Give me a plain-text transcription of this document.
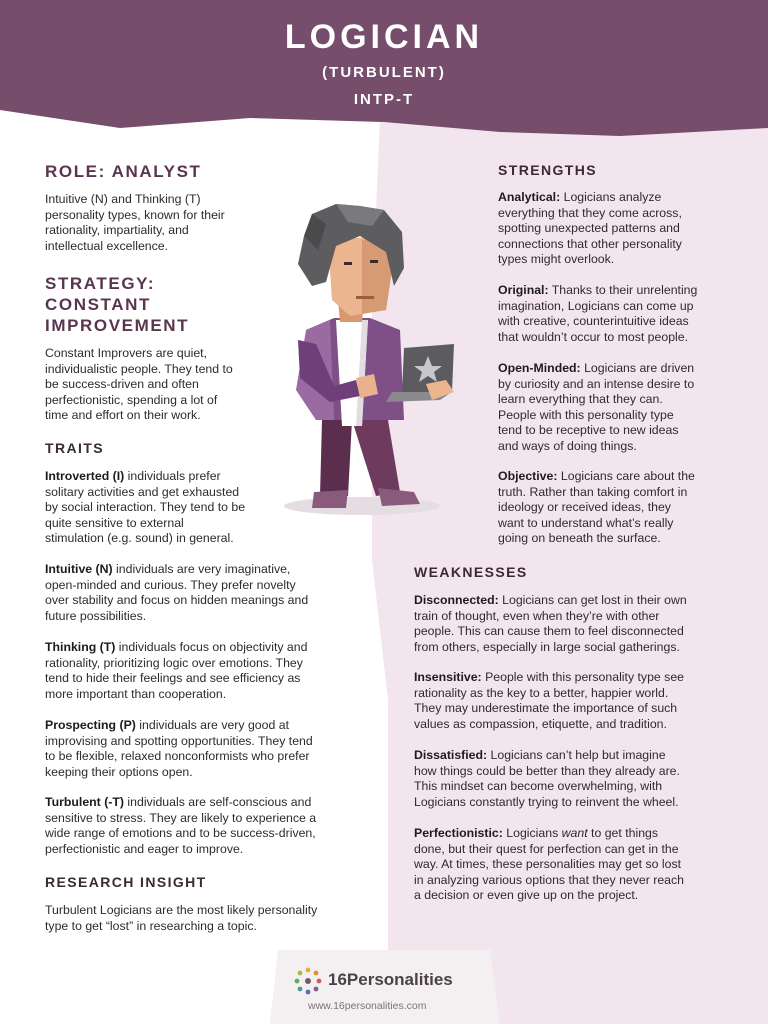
LOGICIAN
(TURBULENT)
INTP-T
ROLE: ANALYST
Intuitive (N) and Thinking (T)
personality types, known for their
rationality, impartiality, and
intellectual excellence.
STRATEGY:
CONSTANT
IMPROVEMENT
Constant Improvers are quiet,
individualistic people. They tend to
be success-driven and often
perfectionistic, spending a lot of
time and effort on their work.
TRAITS
Introverted (I) individuals prefer
solitary activities and get exhausted
by social interaction. They tend to be
quite sensitive to external
stimulation (e.g. sound) in general.
Intuitive (N) individuals are very imaginative,
open-minded and curious. They prefer novelty
over stability and focus on hidden meanings and
future possibilities.
Thinking (T) individuals focus on objectivity and
rationality, prioritizing logic over emotions. They
tend to hide their feelings and see efficiency as
more important than cooperation.
Prospecting (P) individuals are very good at
improvising and spotting opportunities. They tend
to be flexible, relaxed nonconformists who prefer
keeping their options open.
Turbulent (-T) individuals are self-conscious and
sensitive to stress. They are likely to experience a
wide range of emotions and to be success-driven,
perfectionistic and eager to improve.
RESEARCH INSIGHT
Turbulent Logicians are the most likely personality
type to get “lost” in researching a topic.
STRENGTHS
Analytical: Logicians analyze
everything that they come across,
spotting unexpected patterns and
connections that other personality
types might overlook.
Original: Thanks to their unrelenting
imagination, Logicians can come up
with creative, counterintuitive ideas
that wouldn’t occur to most people.
Open-Minded: Logicians are driven
by curiosity and an intense desire to
learn everything that they can.
People with this personality type
tend to be receptive to new ideas
and ways of doing things.
Objective: Logicians care about the
truth. Rather than taking comfort in
ideology or received ideas, they
want to understand what’s really
going on beneath the surface.
WEAKNESSES
Disconnected: Logicians can get lost in their own
train of thought, even when they’re with other
people. This can cause them to feel disconnected
from others, especially in large social gatherings.
Insensitive: People with this personality type see
rationality as the key to a better, happier world.
They may underestimate the importance of such
values as compassion, etiquette, and tradition.
Dissatisfied: Logicians can’t help but imagine
how things could be better than they already are.
This mindset can become overwhelming, with
Logicians constantly trying to reinvent the wheel.
Perfectionistic: Logicians want to get things
done, but their quest for perfection can get in the
way. At times, these personalities may get so lost
in analyzing various options that they never reach
a decision or even give up on the project.
16Personalities
www.16personalities.com
